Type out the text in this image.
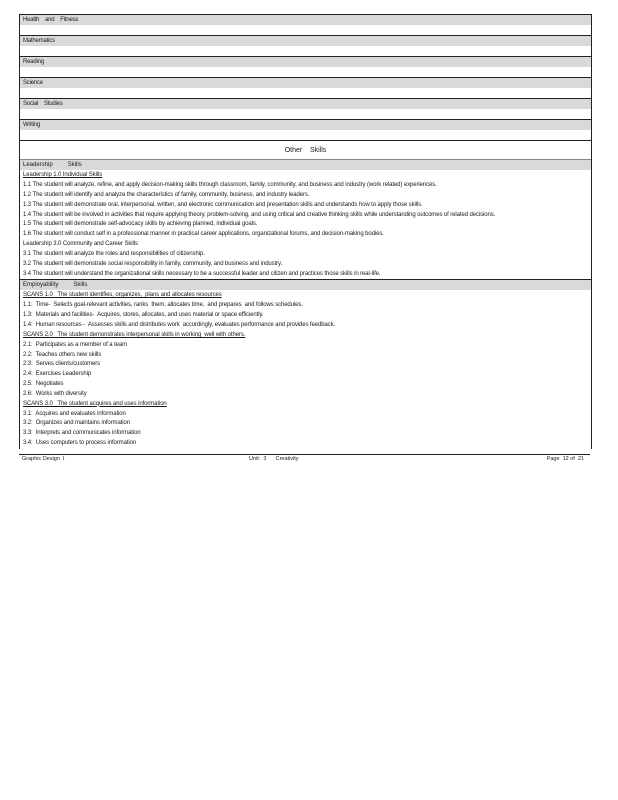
Health    and    Fitness
Mathematics
Reading
Science
Social    Studies
Writing
Other    Skills
Leadership         Skills
Leadership 1.0 Individual Skills
1.1 The student will analyze, refine, and apply decision-making skills through classroom, family, community, and business and industry (work related) experiences.
1.2 The student will identify and analyze the characteristics of family, community, business, and industry leaders.
1.3 The student will demonstrate oral, interpersonal, written, and electronic communication and presentation skills and understands how to apply those skills.
1.4 The student will be involved in activities that require applying theory, problem-solving, and using critical and creative thinking skills while understanding outcomes of related decisions.
1.5 The student will demonstrate self-advocacy skills by achieving planned, individual goals.
1.6 The student will conduct self in a professional manner in practical career applications, organizational forums, and decision-making bodies.
Leadership 3.0 Community and Career Skills
3.1 The student will analyze the roles and responsibilities of citizenship.
3.2 The student will demonstrate social responsibility in family, community, and business and industry.
3.4 The student will understand the organizational skills necessary to be a successful leader and citizen and practices those skills in real-life.
Employability         Skills
SCANS 1.0   The student identifies, organizes,  plans and allocates resources
1.1:  Time-  Selects goal-relevant activities, ranks  them, allocates time,  and prepares  and follows schedules.
1.3:  Materials and facilities-  Acquires, stores, allocates, and uses material or space efficiently.
1.4:  Human resources -  Assesses skills and distributes work  accordingly, evaluates performance and provides feedback.
SCANS 2.0   The student demonstrates interpersonal skills in working  well with others.
2.1:  Participates as a member of a team
2.2:  Teaches others new skills
2.3:  Serves clients/customers
2.4:  Exercises Leadership
2.5:  Negotiates
2.6:  Works with diversity
SCANS 3.0   The student acquires and uses information
3.1:  Acquires and evaluates information
3.2:  Organizes and maintains information
3.3:  Interprets and communicates information
3.4:  Uses computers to process information
Graphic Design  I	Unit:  3      Creativity	Page  12 of  21
